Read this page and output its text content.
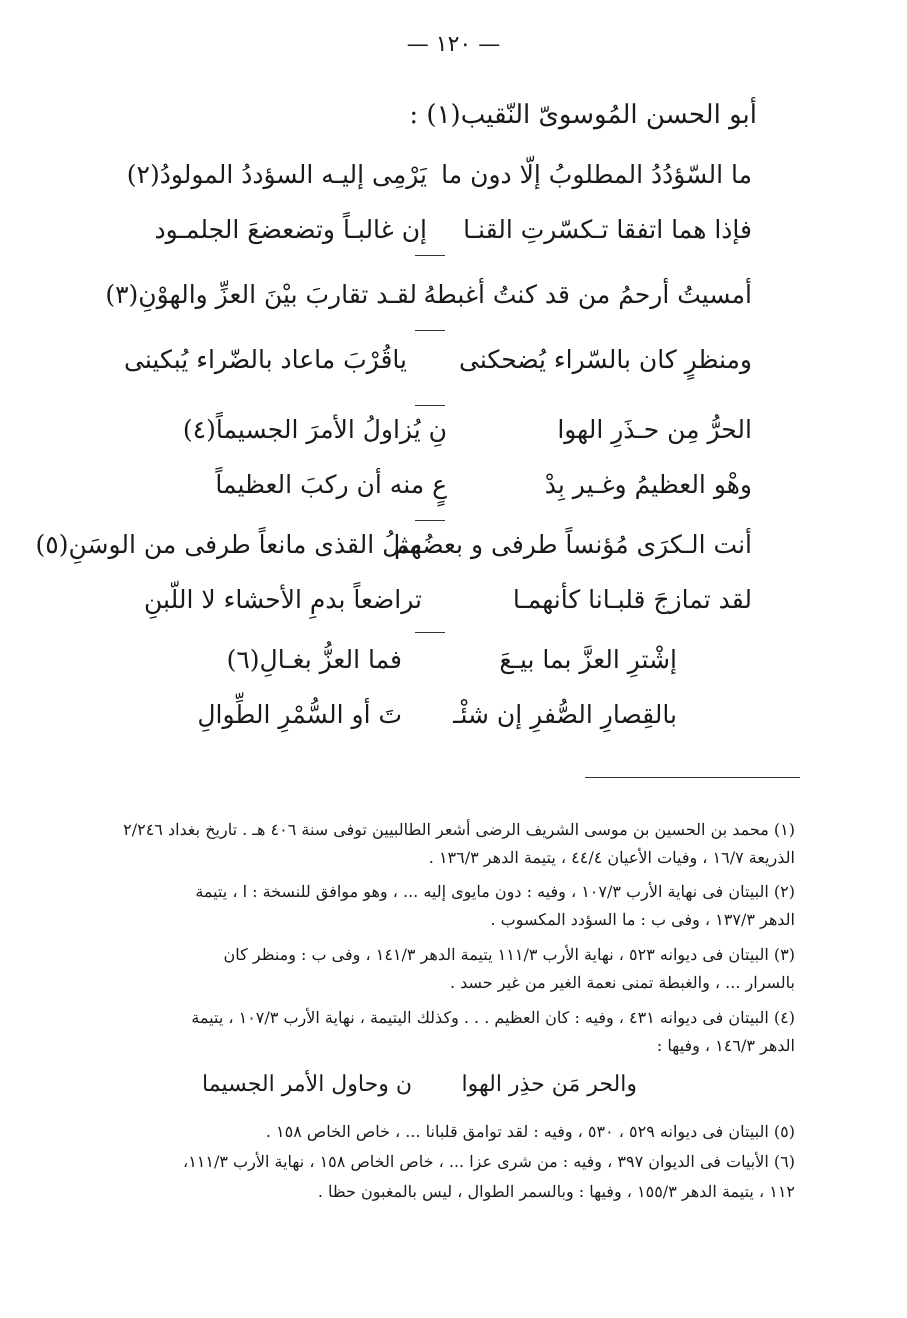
— ١٢٠ —
أبو الحسن المُوسوىّ النّقيب(١) :
ما السّؤدُدُ المطلوبُ إلّا دون ما
يَرْمِى إليـه السؤددُ المولودُ(٢)
فإذا هما اتفقا تـكسّرتِ القنـا
إن غالبـاً وتضعضعَ الجلمـود
أمسيتُ أرحمُ من قد كنتُ أغبطهُ
لقـد تقاربَ بيْنَ العزِّ والهوْنِ(٣)
ومنظرٍ كان بالسّراء يُضحكنى
ياقُرْبَ ماعاد بالضّراء يُبكينى
الحرُّ مِن حـذَرِ الهوا
نِ يُزاولُ الأمرَ الجسيماً(٤)
وهْو العظيمُ وغـير بِدْ
عٍ منه أن ركبَ العظيماً
أنت الـكرَى مُؤنساً طرفى و بعضُهم
مثلُ القذى مانعاً طرفى من الوسَنِ(٥)
لقد تمازجَ قلبـانا كأنهمـا
تراضعاً بدمِ الأحشاء لا اللّبنِ
إشْترِ العزَّ بما بيـعَ
فما العزُّ بغـالِ(٦)
بالقِصارِ الصُّفرِ إن شئْـ
تَ أو السُّمْرِ الطِّوالِ
(١) محمد بن الحسين بن موسى الشريف الرضى أشعر الطالبيين توفى سنة ٤٠٦ هـ . تاريخ بغداد ٢/٢٤٦
الذريعة ١٦/٧ ، وفيات الأعيان ٤٤/٤ ، يتيمة الدهر ١٣٦/٣ .
(٢) البيتان فى نهاية الأرب ١٠٧/٣ ، وفيه : دون مايوى إليه ... ، وهو موافق للنسخة : ا ، يتيمة
الدهر ١٣٧/٣ ، وفى ب : ما السؤدد المكسوب .
(٣) البيتان فى ديوانه ٥٢٣ ، نهاية الأرب ١١١/٣ يتيمة الدهر ١٤١/٣ ، وفى ب : ومنظر كان
بالسرار ... ، والغبطة تمنى نعمة الغير من غير حسد .
(٤) البيتان فى ديوانه ٤٣١ ، وفيه : كان العظيم . . . وكذلك اليتيمة ، نهاية الأرب ١٠٧/٣ ، يتيمة
الدهر ١٤٦/٣ ، وفيها :
والحر مَن حذِر الهوا
ن وحاول الأمر الجسيما
(٥) البيتان فى ديوانه ٥٢٩ ، ٥٣٠ ، وفيه : لقد توامق قلبانا ... ، خاص الخاص ١٥٨ .
(٦) الأبيات فى الديوان ٣٩٧ ، وفيه : من شرى عزا ... ، خاص الخاص ١٥٨ ، نهاية الأرب ١١١/٣،
١١٢ ، يتيمة الدهر ١٥٥/٣ ، وفيها : وبالسمر الطوال ، ليس بالمغبون حظا .
